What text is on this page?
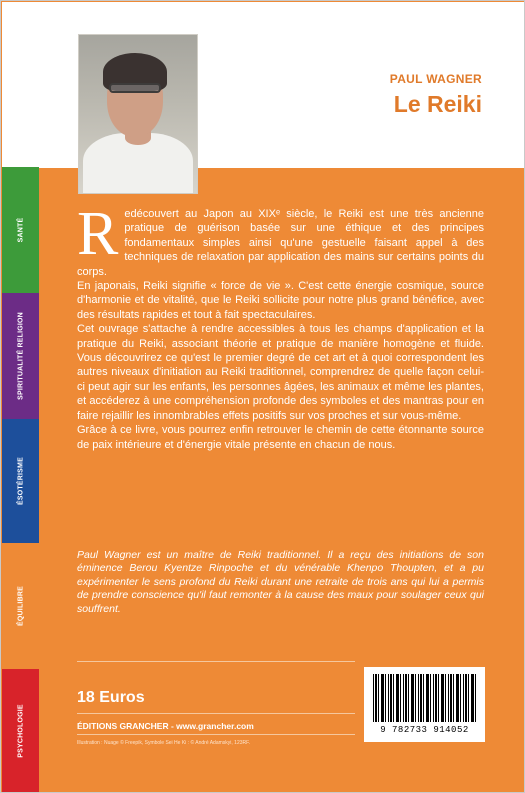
PAUL WAGNER
Le Reiki
SANTÉ
SPIRITUALITÉ RELIGION
ÉSOTÉRISME
ÉQUILIBRE
PSYCHOLOGIE

Redécouvert au Japon au XIXᵉ siècle, le Reiki est une très ancienne pratique de guérison basée sur une éthique et des principes fondamentaux simples ainsi qu'une gestuelle faisant appel à des techniques de relaxation par application des mains sur certains points du corps.

En japonais, Reiki signifie « force de vie ». C'est cette énergie cosmique, source d'harmonie et de vitalité, que le Reiki sollicite pour notre plus grand bénéfice, avec des résultats rapides et tout à fait spectaculaires.

Cet ouvrage s'attache à rendre accessibles à tous les champs d'application et la pratique du Reiki, associant théorie et pratique de manière homogène et fluide. Vous découvrirez ce qu'est le premier degré de cet art et à quoi correspondent les autres niveaux d'initiation au Reiki traditionnel, comprendrez de quelle façon celui-ci peut agir sur les enfants, les personnes âgées, les animaux et même les plantes, et accéderez à une compréhension profonde des symboles et des mantras pour en faire rejaillir les innombrables effets positifs sur vos proches et sur vous-même.

Grâce à ce livre, vous pourrez enfin retrouver le chemin de cette étonnante source de paix intérieure et d'énergie vitale présente en chacun de nous.

Paul Wagner est un maître de Reiki traditionnel. Il a reçu des initiations de son éminence Berou Kyentze Rinpoche et du vénérable Khenpo Thoupten, et a pu expérimenter le sens profond du Reiki durant une retraite de trois ans qui lui a permis de prendre conscience qu'il faut remonter à la cause des maux pour soulager ceux qui souffrent.
18 Euros
ÉDITIONS GRANCHER - www.grancher.com
Illustration : Nuage © Freepik, Symbole Sei He Ki : © André Adamskyi, 123RF.
9 782733 914052
